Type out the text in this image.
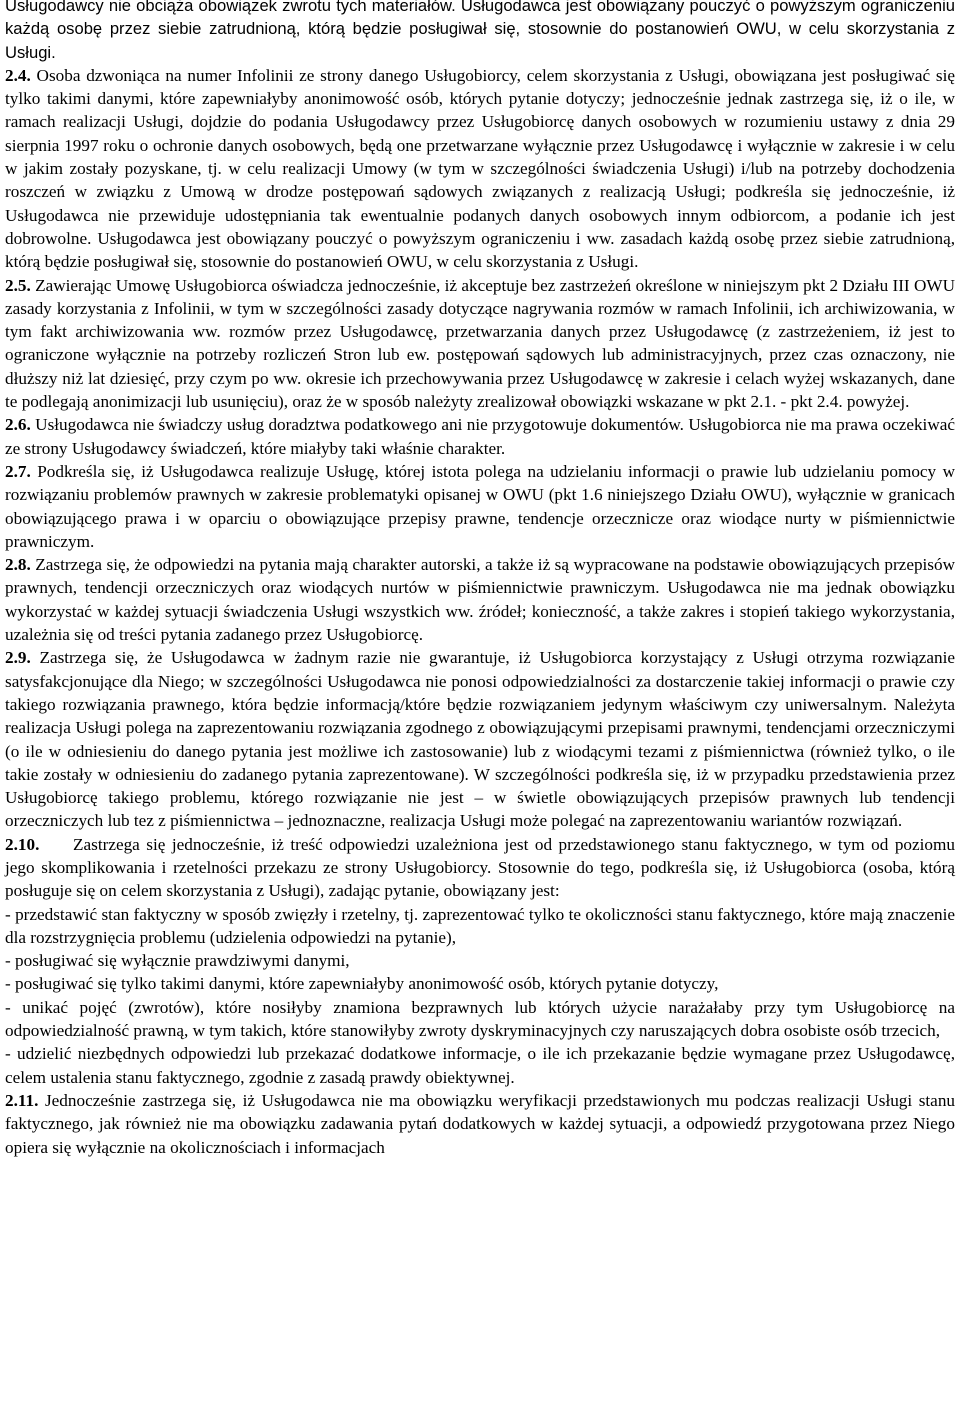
Usługodawcy nie obciąża obowiązek zwrotu tych materiałów. Usługodawca jest obowiązany pouczyć o powyższym ograniczeniu każdą osobę przez siebie zatrudnioną, którą będzie posługiwał się, stosownie do postanowień OWU, w celu skorzystania z Usługi.

2.4. Osoba dzwoniąca na numer Infolinii ze strony danego Usługobiorcy, celem skorzystania z Usługi, obowiązana jest posługiwać się tylko takimi danymi, które zapewniałyby anonimowość osób, których pytanie dotyczy; jednocześnie jednak zastrzega się, iż o ile, w ramach realizacji Usługi, dojdzie do podania Usługodawcy przez Usługobiorcę danych osobowych w rozumieniu ustawy z dnia 29 sierpnia 1997 roku o ochronie danych osobowych, będą one przetwarzane wyłącznie przez Usługodawcę i wyłącznie w zakresie i w celu w jakim zostały pozyskane, tj. w celu realizacji Umowy (w tym w szczególności świadczenia Usługi) i/lub na potrzeby dochodzenia roszczeń w związku z Umową w drodze postępowań sądowych związanych z realizacją Usługi; podkreśla się jednocześnie, iż Usługodawca nie przewiduje udostępniania tak ewentualnie podanych danych osobowych innym odbiorcom, a podanie ich jest dobrowolne. Usługodawca jest obowiązany pouczyć o powyższym ograniczeniu i ww. zasadach każdą osobę przez siebie zatrudnioną, którą będzie posługiwał się, stosownie do postanowień OWU, w celu skorzystania z Usługi.

2.5. Zawierając Umowę Usługobiorca oświadcza jednocześnie, iż akceptuje bez zastrzeżeń określone w niniejszym pkt 2 Działu III OWU zasady korzystania z Infolinii, w tym w szczególności zasady dotyczące nagrywania rozmów w ramach Infolinii, ich archiwizowania, w tym fakt archiwizowania ww. rozmów przez Usługodawcę, przetwarzania danych przez Usługodawcę (z zastrzeżeniem, iż jest to ograniczone wyłącznie na potrzeby rozliczeń Stron lub ew. postępowań sądowych lub administracyjnych, przez czas oznaczony, nie dłuższy niż lat dziesięć, przy czym po ww. okresie ich przechowywania przez Usługodawcę w zakresie i celach wyżej wskazanych, dane te podlegają anonimizacji lub usunięciu), oraz że w sposób należyty zrealizował obowiązki wskazane w pkt 2.1. - pkt 2.4. powyżej.

2.6. Usługodawca nie świadczy usług doradztwa podatkowego ani nie przygotowuje dokumentów. Usługobiorca nie ma prawa oczekiwać ze strony Usługodawcy świadczeń, które miałyby taki właśnie charakter.

2.7. Podkreśla się, iż Usługodawca realizuje Usługę, której istota polega na udzielaniu informacji o prawie lub udzielaniu pomocy w rozwiązaniu problemów prawnych w zakresie problematyki opisanej w OWU (pkt 1.6 niniejszego Działu OWU), wyłącznie w granicach obowiązującego prawa i w oparciu o obowiązujące przepisy prawne, tendencje orzecznicze oraz wiodące nurty w piśmiennictwie prawniczym.

2.8. Zastrzega się, że odpowiedzi na pytania mają charakter autorski, a także iż są wypracowane na podstawie obowiązujących przepisów prawnych, tendencji orzeczniczych oraz wiodących nurtów w piśmiennictwie prawniczym. Usługodawca nie ma jednak obowiązku wykorzystać w każdej sytuacji świadczenia Usługi wszystkich ww. źródeł; konieczność, a także zakres i stopień takiego wykorzystania, uzależnia się od treści pytania zadanego przez Usługobiorcę.

2.9. Zastrzega się, że Usługodawca w żadnym razie nie gwarantuje, iż Usługobiorca korzystający z Usługi otrzyma rozwiązanie satysfakcjonujące dla Niego; w szczególności Usługodawca nie ponosi odpowiedzialności za dostarczenie takiej informacji o prawie czy takiego rozwiązania prawnego, która będzie informacją/które będzie rozwiązaniem jedynym właściwym czy uniwersalnym. Należyta realizacja Usługi polega na zaprezentowaniu rozwiązania zgodnego z obowiązującymi przepisami prawnymi, tendencjami orzeczniczymi (o ile w odniesieniu do danego pytania jest możliwe ich zastosowanie) lub z wiodącymi tezami z piśmiennictwa (również tylko, o ile takie zostały w odniesieniu do zadanego pytania zaprezentowane). W szczególności podkreśla się, iż w przypadku przedstawienia przez Usługobiorcę takiego problemu, którego rozwiązanie nie jest – w świetle obowiązujących przepisów prawnych lub tendencji orzeczniczych lub tez z piśmiennictwa – jednoznaczne, realizacja Usługi może polegać na zaprezentowaniu wariantów rozwiązań.

2.10. Zastrzega się jednocześnie, iż treść odpowiedzi uzależniona jest od przedstawionego stanu faktycznego, w tym od poziomu jego skomplikowania i rzetelności przekazu ze strony Usługobiorcy. Stosownie do tego, podkreśla się, iż Usługobiorca (osoba, którą posługuje się on celem skorzystania z Usługi), zadając pytanie, obowiązany jest:

- przedstawić stan faktyczny w sposób zwięzły i rzetelny, tj. zaprezentować tylko te okoliczności stanu faktycznego, które mają znaczenie dla rozstrzygnięcia problemu (udzielenia odpowiedzi na pytanie),

- posługiwać się wyłącznie prawdziwymi danymi,

- posługiwać się tylko takimi danymi, które zapewniałyby anonimowość osób, których pytanie dotyczy,

- unikać pojęć (zwrotów), które nosiłyby znamiona bezprawnych lub których użycie narażałaby przy tym Usługobiorcę na odpowiedzialność prawną, w tym takich, które stanowiłyby zwroty dyskryminacyjnych czy naruszających dobra osobiste osób trzecich,

- udzielić niezbędnych odpowiedzi lub przekazać dodatkowe informacje, o ile ich przekazanie będzie wymagane przez Usługodawcę, celem ustalenia stanu faktycznego, zgodnie z zasadą prawdy obiektywnej.

2.11. Jednocześnie zastrzega się, iż Usługodawca nie ma obowiązku weryfikacji przedstawionych mu podczas realizacji Usługi stanu faktycznego, jak również nie ma obowiązku zadawania pytań dodatkowych w każdej sytuacji, a odpowiedź przygotowana przez Niego opiera się wyłącznie na okolicznościach i informacjach
